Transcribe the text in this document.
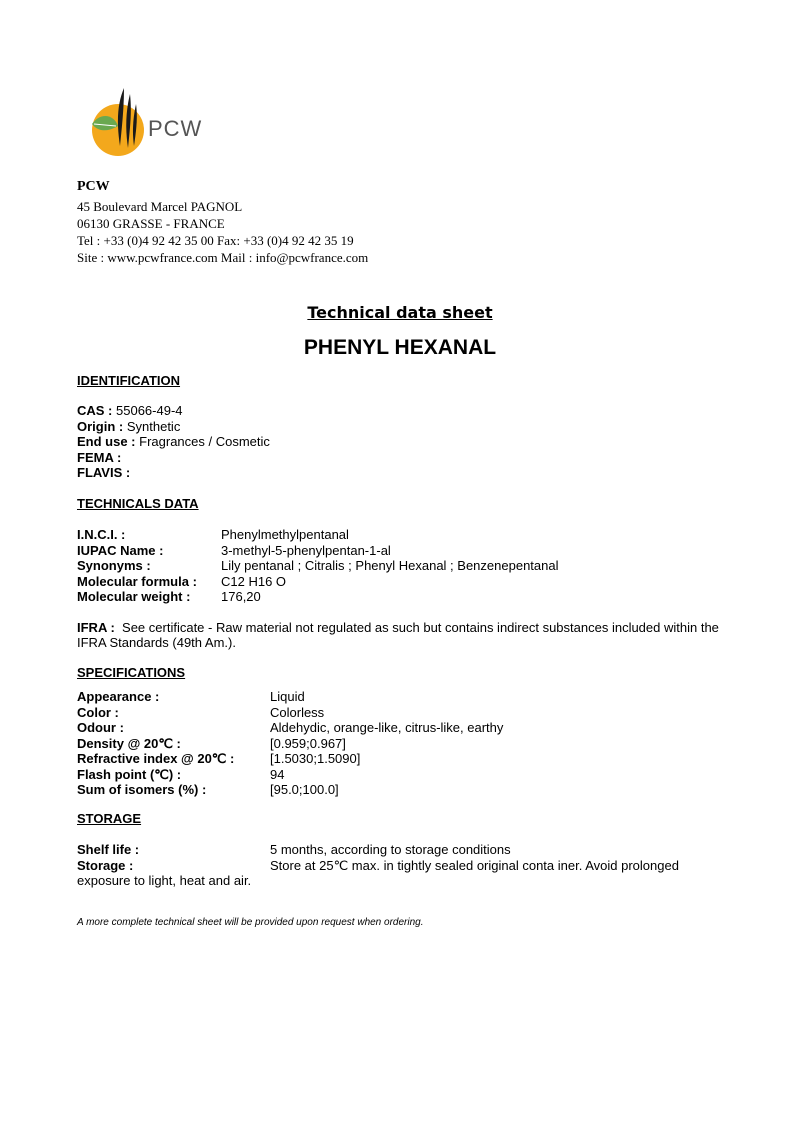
PCW
PCW
45 Boulevard Marcel PAGNOL
06130 GRASSE - FRANCE
Tel : +33 (0)4 92 42 35 00 Fax: +33 (0)4 92 42 35 19
Site : www.pcwfrance.com Mail : info@pcwfrance.com
Technical data sheet
PHENYL HEXANAL
IDENTIFICATION
CAS :
55066-49-4
Origin :
Synthetic
End use :
Fragrances / Cosmetic
FEMA :

FLAVIS :

TECHNICALS DATA
I.N.C.I. :	Phenylmethylpentanal
IUPAC Name :	3-methyl-5-phenylpentan-1-al
Synonyms :	Lily pentanal ; Citralis ; Phenyl Hexanal ; Benzenepentanal
Molecular formula :	C12 H16 O
Molecular weight :	176,20
IFRA : See certificate - Raw material not regulated as such but contains indirect substances included within the IFRA Standards (49th Am.).
SPECIFICATIONS
Appearance :	Liquid
Color :	Colorless
Odour :	Aldehydic, orange-like, citrus-like, earthy
Density @ 20℃ :	[0.959;0.967]
Refractive index @ 20℃ :	[1.5030;1.5090]
Flash point (℃) :	94
Sum of isomers (%) :	[95.0;100.0]
STORAGE
Shelf life :	5 months, according to storage conditions
Storage :	Store at 25℃ max. in tightly sealed original conta iner. Avoid prolonged
exposure to light, heat and air.
A more complete technical sheet will be provided upon request when ordering.
